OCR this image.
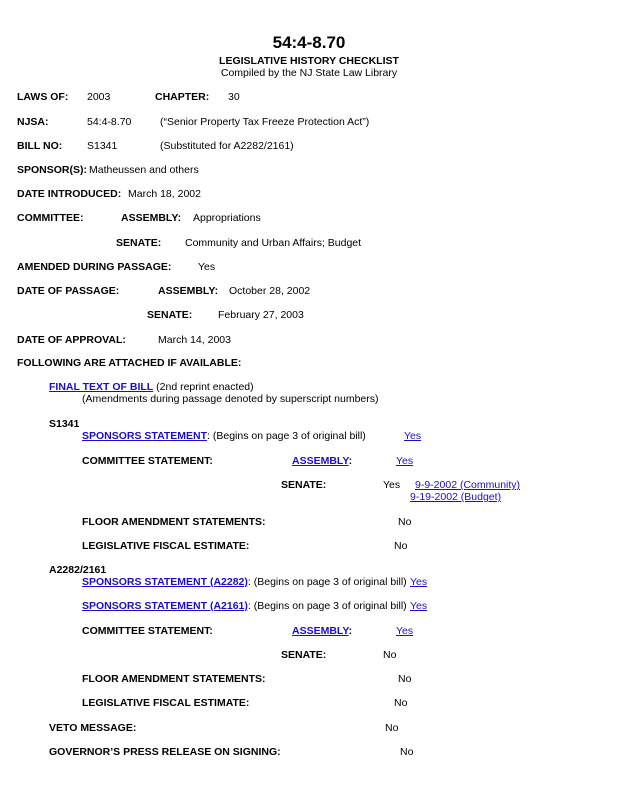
54:4-8.70
LEGISLATIVE HISTORY CHECKLIST
Compiled by the NJ State Law Library
LAWS OF: 2003	CHAPTER: 30
NJSA:	54:4-8.70	(“Senior Property Tax Freeze Protection Act”)
BILL NO: S1341	(Substituted for A2282/2161)
SPONSOR(S): Matheussen and others
DATE INTRODUCED: March 18, 2002
COMMITTEE:	ASSEMBLY: Appropriations
SENATE: Community and Urban Affairs; Budget
AMENDED DURING PASSAGE:	Yes
DATE OF PASSAGE:	ASSEMBLY: October 28, 2002
SENATE: February 27, 2003
DATE OF APPROVAL:	March 14, 2003
FOLLOWING ARE ATTACHED IF AVAILABLE:
FINAL TEXT OF BILL (2nd reprint enacted)
(Amendments during passage denoted by superscript numbers)
S1341
SPONSORS STATEMENT: (Begins on page 3 of original bill)	Yes
COMMITTEE STATEMENT:	ASSEMBLY:	Yes
SENATE:	Yes 9-9-2002 (Community)
9-19-2002 (Budget)
FLOOR AMENDMENT STATEMENTS:	No
LEGISLATIVE FISCAL ESTIMATE:	No
A2282/2161
SPONSORS STATEMENT (A2282): (Begins on page 3 of original bill) Yes
SPONSORS STATEMENT (A2161): (Begins on page 3 of original bill) Yes
COMMITTEE STATEMENT:	ASSEMBLY:	Yes
SENATE:	No
FLOOR AMENDMENT STATEMENTS:	No
LEGISLATIVE FISCAL ESTIMATE:	No
VETO MESSAGE:	No
GOVERNOR’S PRESS RELEASE ON SIGNING:	No
